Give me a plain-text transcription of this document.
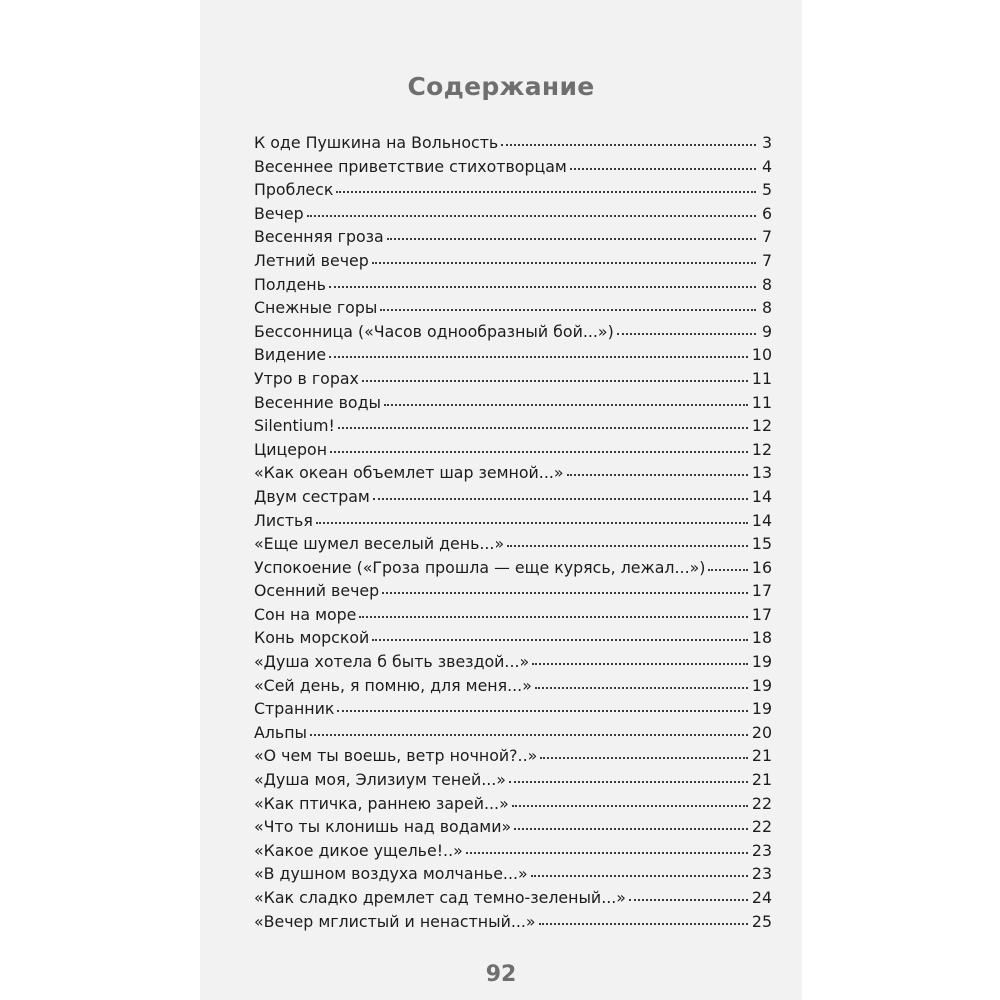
Содержание
К оде Пушкина на Вольность	3
Весеннее приветствие стихотворцам	4
Проблеск	5
Вечер	6
Весенняя гроза	7
Летний вечер	7
Полдень	8
Снежные горы	8
Бессонница («Часов однообразный бой...»)	9
Видение	10
Утро в горах	11
Весенние воды	11
Silentium!	12
Цицерон	12
«Как океан объемлет шар земной...»	13
Двум сестрам	14
Листья	14
«Еще шумел веселый день...»	15
Успокоение («Гроза прошла — еще курясь, лежал...»)	16
Осенний вечер	17
Сон на море	17
Конь морской	18
«Душа хотела б быть звездой...»	19
«Сей день, я помню, для меня...»	19
Странник	19
Альпы	20
«О чем ты воешь, ветр ночной?..»	21
«Душа моя, Элизиум теней...»	21
«Как птичка, раннею зарей...»	22
«Что ты клонишь над водами»	22
«Какое дикое ущелье!..»	23
«В душном воздуха молчанье...»	23
«Как сладко дремлет сад темно-зеленый...»	24
«Вечер мглистый и ненастный...»	25
92
